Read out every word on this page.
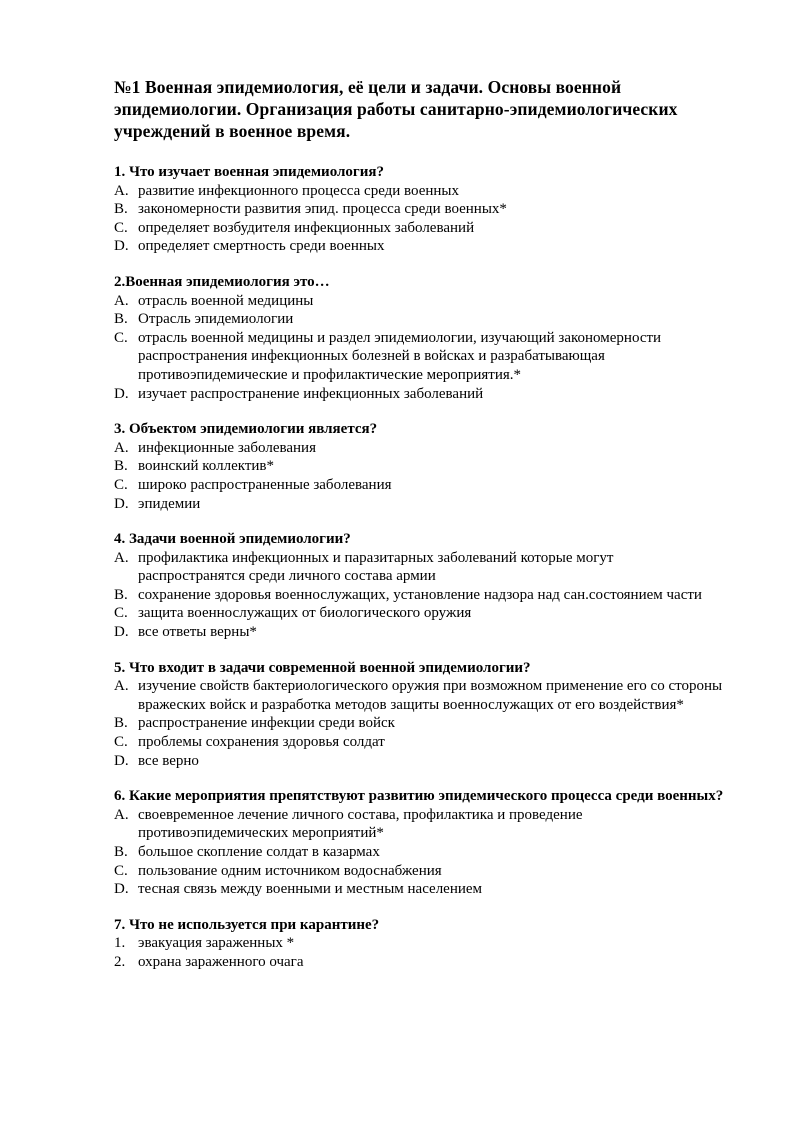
№1 Военная эпидемиология, её цели и задачи. Основы военной эпидемиологии. Организация работы санитарно-эпидемиологических учреждений в военное время.

1. Что изучает военная эпидемиология?

A. развитие инфекционного процесса среди военных
B. закономерности развития эпид. процесса среди военных*
C. определяет возбудителя инфекционных заболеваний
D. определяет смертность среди военных

2.Военная эпидемиология это…

A. отрасль военной медицины
B. Отрасль эпидемиологии
C. отрасль военной медицины и раздел эпидемиологии, изучающий закономерности распространения инфекционных болезней в войсках и разрабатывающая противоэпидемические и профилактические мероприятия.*
D. изучает распространение инфекционных заболеваний

3. Объектом эпидемиологии является?

A. инфекционные заболевания
B. воинский коллектив*
C. широко распространенные заболевания
D. эпидемии

4. Задачи военной эпидемиологии?

A. профилактика инфекционных и паразитарных заболеваний которые могут распространятся среди личного состава армии
B. сохранение здоровья военнослужащих, установление надзора над сан.состоянием части
C. защита военнослужащих от биологического оружия
D. все ответы верны*

5. Что входит в задачи современной военной эпидемиологии?

A. изучение свойств бактериологического оружия при возможном применение его со стороны вражеских войск и разработка методов защиты военнослужащих от его воздействия*
B. распространение инфекции среди войск
C. проблемы сохранения здоровья солдат
D. все верно

6. Какие мероприятия препятствуют развитию эпидемического процесса среди военных?

A. своевременное лечение личного состава, профилактика и проведение противоэпидемических мероприятий*
B. большое скопление солдат в казармах
C. пользование одним источником водоснабжения
D. тесная связь между военными и местным населением

7. Что не используется при карантине?

1. эвакуация зараженных *
2. охрана зараженного очага
